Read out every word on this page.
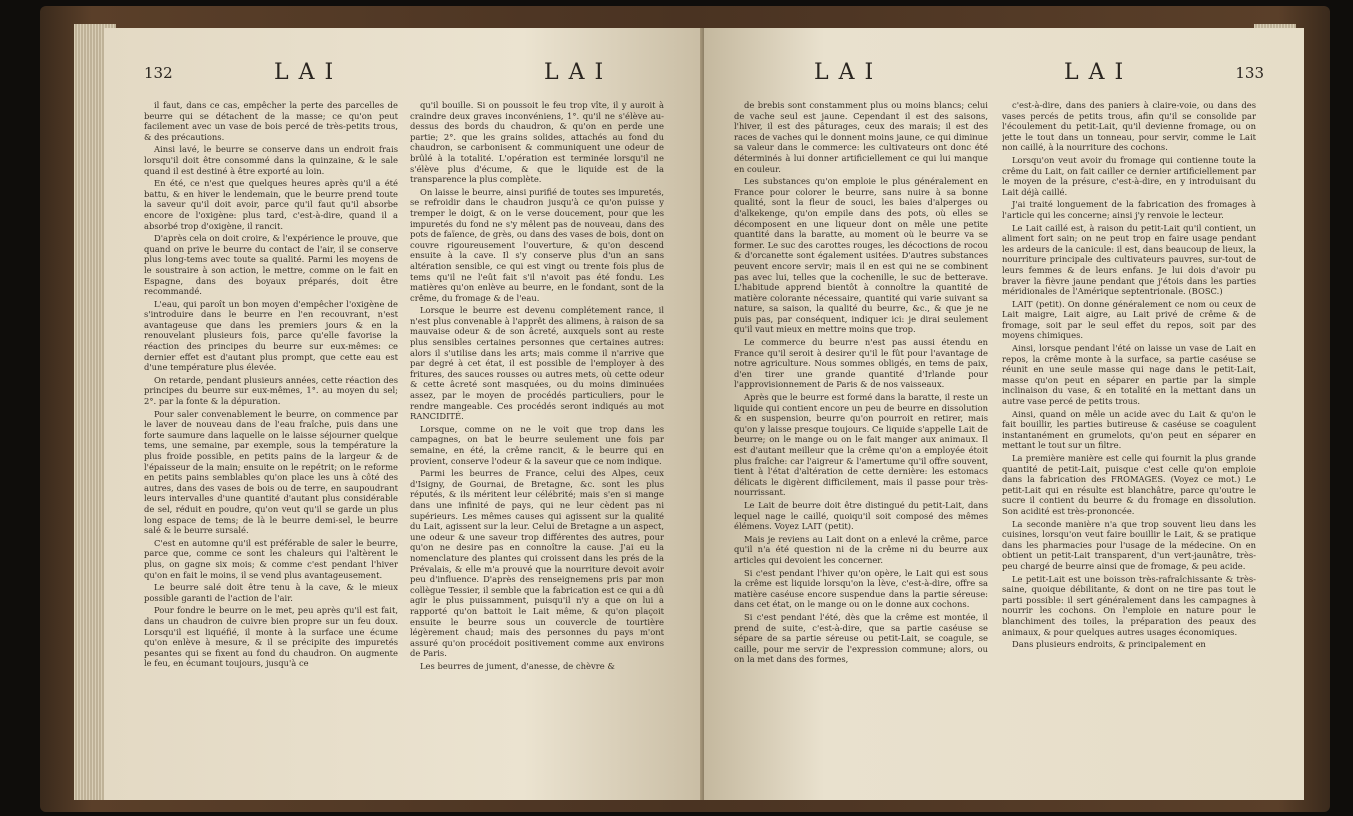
132	LAI	LAI

il faut, dans ce cas, empêcher la perte des parcelles de beurre qui se détachent de la masse; ce qu'on peut facilement avec un vase de bois percé de très-petits trous, & des précautions.

Ainsi lavé, le beurre se conserve dans un endroit frais lorsqu'il doit être consommé dans la quinzaine, & le sale quand il est destiné à être exporté au loin.

En été, ce n'est que quelques heures après qu'il a été battu, & en hiver le lendemain, que le beurre prend toute la saveur qu'il doit avoir, parce qu'il faut qu'il absorbe encore de l'oxigène: plus tard, c'est-à-dire, quand il a absorbé trop d'oxigène, il rancit.

D'après cela on doit croire, & l'expérience le prouve, que quand on prive le beurre du contact de l'air, il se conserve plus long-tems avec toute sa qualité. Parmi les moyens de le soustraire à son action, le mettre, comme on le fait en Espagne, dans des boyaux préparés, doit être recommandé.

L'eau, qui paroît un bon moyen d'empêcher l'oxigène de s'introduire dans le beurre en l'en recouvrant, n'est avantageuse que dans les premiers jours & en la renouvelant plusieurs fois, parce qu'elle favorise la réaction des principes du beurre sur eux-mêmes: ce dernier effet est d'autant plus prompt, que cette eau est d'une température plus élevée.

On retarde, pendant plusieurs années, cette réaction des principes du beurre sur eux-mêmes, 1°. au moyen du sel; 2°. par la fonte & la dépuration.

Pour saler convenablement le beurre, on commence par le laver de nouveau dans de l'eau fraîche, puis dans une forte saumure dans laquelle on le laisse séjourner quelque tems, une semaine, par exemple, sous la température la plus froide possible, en petits pains de la largeur & de l'épaisseur de la main; ensuite on le repétrit; on le reforme en petits pains semblables qu'on place les uns à côté des autres, dans des vases de bois ou de terre, en saupoudrant leurs intervalles d'une quantité d'autant plus considérable de sel, réduit en poudre, qu'on veut qu'il se garde un plus long espace de tems; de là le beurre demi-sel, le beurre salé & le beurre sursalé.

C'est en automne qu'il est préférable de saler le beurre, parce que, comme ce sont les chaleurs qui l'altèrent le plus, on gagne six mois; & comme c'est pendant l'hiver qu'on en fait le moins, il se vend plus avantageusement.

Le beurre salé doit être tenu à la cave, & le mieux possible garanti de l'action de l'air.

Pour fondre le beurre on le met, peu après qu'il est fait, dans un chaudron de cuivre bien propre sur un feu doux. Lorsqu'il est liquéfié, il monte à la surface une écume qu'on enlève à mesure, & il se précipite des impuretés pesantes qui se fixent au fond du chaudron. On augmente le feu, en écumant toujours, jusqu'à ce

qu'il bouille. Si on poussoit le feu trop vîte, il y auroit à craindre deux graves inconvéniens, 1°. qu'il ne s'élève au-dessus des bords du chaudron, & qu'on en perde une partie; 2°. que les grains solides, attachés au fond du chaudron, se carbonisent & communiquent une odeur de brûlé à la totalité. L'opération est terminée lorsqu'il ne s'élève plus d'écume, & que le liquide est de la transparence la plus complète.

On laisse le beurre, ainsi purifié de toutes ses impuretés, se refroidir dans le chaudron jusqu'à ce qu'on puisse y tremper le doigt, & on le verse doucement, pour que les impuretés du fond ne s'y mêlent pas de nouveau, dans des pots de faïence, de grès, ou dans des vases de bois, dont on couvre rigoureusement l'ouverture, & qu'on descend ensuite à la cave. Il s'y conserve plus d'un an sans altération sensible, ce qui est vingt ou trente fois plus de tems qu'il ne l'eût fait s'il n'avoit pas été fondu. Les matières qu'on enlève au beurre, en le fondant, sont de la crême, du fromage & de l'eau.

Lorsque le beurre est devenu complétement rance, il n'est plus convenable à l'apprêt des alimens, à raison de sa mauvaise odeur & de son âcreté, auxquels sont au reste plus sensibles certaines personnes que certaines autres: alors il s'utilise dans les arts; mais comme il n'arrive que par degré à cet état, il est possible de l'employer à des fritures, des sauces rousses ou autres mets, où cette odeur & cette âcreté sont masquées, ou du moins diminuées assez, par le moyen de procédés particuliers, pour le rendre mangeable. Ces procédés seront indiqués au mot RANCIDITÉ.

Lorsque, comme on ne le voit que trop dans les campagnes, on bat le beurre seulement une fois par semaine, en été, la crême rancit, & le beurre qui en provient, conserve l'odeur & la saveur que ce nom indique.

Parmi les beurres de France, celui des Alpes, ceux d'Isigny, de Gournai, de Bretagne, &c. sont les plus réputés, & ils méritent leur célébrité; mais s'en si mange dans une infinité de pays, qui ne leur cèdent pas ni supérieurs. Les mêmes causes qui agissent sur la qualité du Lait, agissent sur la leur. Celui de Bretagne a un aspect, une odeur & une saveur trop différentes des autres, pour qu'on ne desire pas en connoître la cause. J'ai eu la nomenclature des plantes qui croissent dans les prés de la Prévalais, & elle m'a prouvé que la nourriture devoit avoir peu d'influence. D'après des renseignemens pris par mon collègue Tessier, il semble que la fabrication est ce qui a dû agir le plus puissamment, puisqu'il n'y a que on lui a rapporté qu'on battoit le Lait même, & qu'on plaçoit ensuite le beurre sous un couvercle de tourtière légèrement chaud; mais des personnes du pays m'ont assuré qu'on procédoit positivement comme aux environs de Paris.

Les beurres de jument, d'anesse, de chèvre &

LAI	LAI	133

de brebis sont constamment plus ou moins blancs; celui de vache seul est jaune. Cependant il est des saisons, l'hiver, il est des pâturages, ceux des marais; il est des races de vaches qui le donnent moins jaune, ce qui diminue sa valeur dans le commerce: les cultivateurs ont donc été déterminés à lui donner artificiellement ce qui lui manque en couleur.

Les substances qu'on emploie le plus généralement en France pour colorer le beurre, sans nuire à sa bonne qualité, sont la fleur de souci, les baies d'alperges ou d'alkekenge, qu'on empile dans des pots, où elles se décomposent en une liqueur dont on mêle une petite quantité dans la baratte, au moment où le beurre va se former. Le suc des carottes rouges, les décoctions de rocou & d'orcanette sont également usitées. D'autres substances peuvent encore servir; mais il en est qui ne se combinent pas avec lui, telles que la cochenille, le suc de betterave. L'habitude apprend bientôt à connoître la quantité de matière colorante nécessaire, quantité qui varie suivant sa nature, sa saison, la qualité du beurre, &c., & que je ne puis pas, par conséquent, indiquer ici: je dirai seulement qu'il vaut mieux en mettre moins que trop.

Le commerce du beurre n'est pas aussi étendu en France qu'il seroit à desirer qu'il le fût pour l'avantage de notre agriculture. Nous sommes obligés, en tems de paix, d'en tirer une grande quantité d'Irlande pour l'approvisionnement de Paris & de nos vaisseaux.

Après que le beurre est formé dans la baratte, il reste un liquide qui contient encore un peu de beurre en dissolution & en suspension, beurre qu'on pourroit en retirer, mais qu'on y laisse presque toujours. Ce liquide s'appelle Lait de beurre; on le mange ou on le fait manger aux animaux. Il est d'autant meilleur que la crême qu'on a employée étoit plus fraîche: car l'aigreur & l'amertume qu'il offre souvent, tient à l'état d'altération de cette dernière: les estomacs délicats le digèrent difficilement, mais il passe pour très-nourrissant.

Le Lait de beurre doit être distingué du petit-Lait, dans lequel nage le caillé, quoiqu'il soit composé des mêmes élémens. Voyez LAIT (petit).

Mais je reviens au Lait dont on a enlevé la crême, parce qu'il n'a été question ni de la crême ni du beurre aux articles qui devoient les concerner.

Si c'est pendant l'hiver qu'on opère, le Lait qui est sous la crême est liquide lorsqu'on la lève, c'est-à-dire, offre sa matière caséuse encore suspendue dans la partie séreuse: dans cet état, on le mange ou on le donne aux cochons.

Si c'est pendant l'été, dès que la crême est montée, il prend de suite, c'est-à-dire, que sa partie caséuse se sépare de sa partie séreuse ou petit-Lait, se coagule, se caille, pour me servir de l'expression commune; alors, ou on la met dans des formes,

c'est-à-dire, dans des paniers à claire-voie, ou dans des vases percés de petits trous, afin qu'il se consolide par l'écoulement du petit-Lait, qu'il devienne fromage, ou on jette le tout dans un tonneau, pour servir, comme le Lait non caillé, à la nourriture des cochons.

Lorsqu'on veut avoir du fromage qui contienne toute la crême du Lait, on fait cailler ce dernier artificiellement par le moyen de la présure, c'est-à-dire, en y introduisant du Lait déjà caillé.

J'ai traité longuement de la fabrication des fromages à l'article qui les concerne; ainsi j'y renvoie le lecteur.

Le Lait caillé est, à raison du petit-Lait qu'il contient, un aliment fort sain; on ne peut trop en faire usage pendant les ardeurs de la canicule: il est, dans beaucoup de lieux, la nourriture principale des cultivateurs pauvres, sur-tout de leurs femmes & de leurs enfans. Je lui dois d'avoir pu braver la fièvre jaune pendant que j'étois dans les parties méridionales de l'Amérique septentrionale. (BOSC.)

LAIT (petit). On donne généralement ce nom ou ceux de Lait maigre, Lait aigre, au Lait privé de crême & de fromage, soit par le seul effet du repos, soit par des moyens chimiques.

Ainsi, lorsque pendant l'été on laisse un vase de Lait en repos, la crême monte à la surface, sa partie caséuse se réunit en une seule masse qui nage dans le petit-Lait, masse qu'on peut en séparer en partie par la simple inclinaison du vase, & en totalité en la mettant dans un autre vase percé de petits trous.

Ainsi, quand on mêle un acide avec du Lait & qu'on le fait bouillir, les parties butireuse & caséuse se coagulent instantanément en grumelots, qu'on peut en séparer en mettant le tout sur un filtre.

La première manière est celle qui fournit la plus grande quantité de petit-Lait, puisque c'est celle qu'on emploie dans la fabrication des FROMAGES. (Voyez ce mot.) Le petit-Lait qui en résulte est blanchâtre, parce qu'outre le sucre il contient du beurre & du fromage en dissolution. Son acidité est très-prononcée.

La seconde manière n'a que trop souvent lieu dans les cuisines, lorsqu'on veut faire bouillir le Lait, & se pratique dans les pharmacies pour l'usage de la médecine. On en obtient un petit-Lait transparent, d'un vert-jaunâtre, très-peu chargé de beurre ainsi que de fromage, & peu acide.

Le petit-Lait est une boisson très-rafraîchissante & très-saine, quoique débilitante, & dont on ne tire pas tout le parti possible: il sert généralement dans les campagnes à nourrir les cochons. On l'emploie en nature pour le blanchiment des toiles, la préparation des peaux des animaux, & pour quelques autres usages économiques.

Dans plusieurs endroits, & principalement en
